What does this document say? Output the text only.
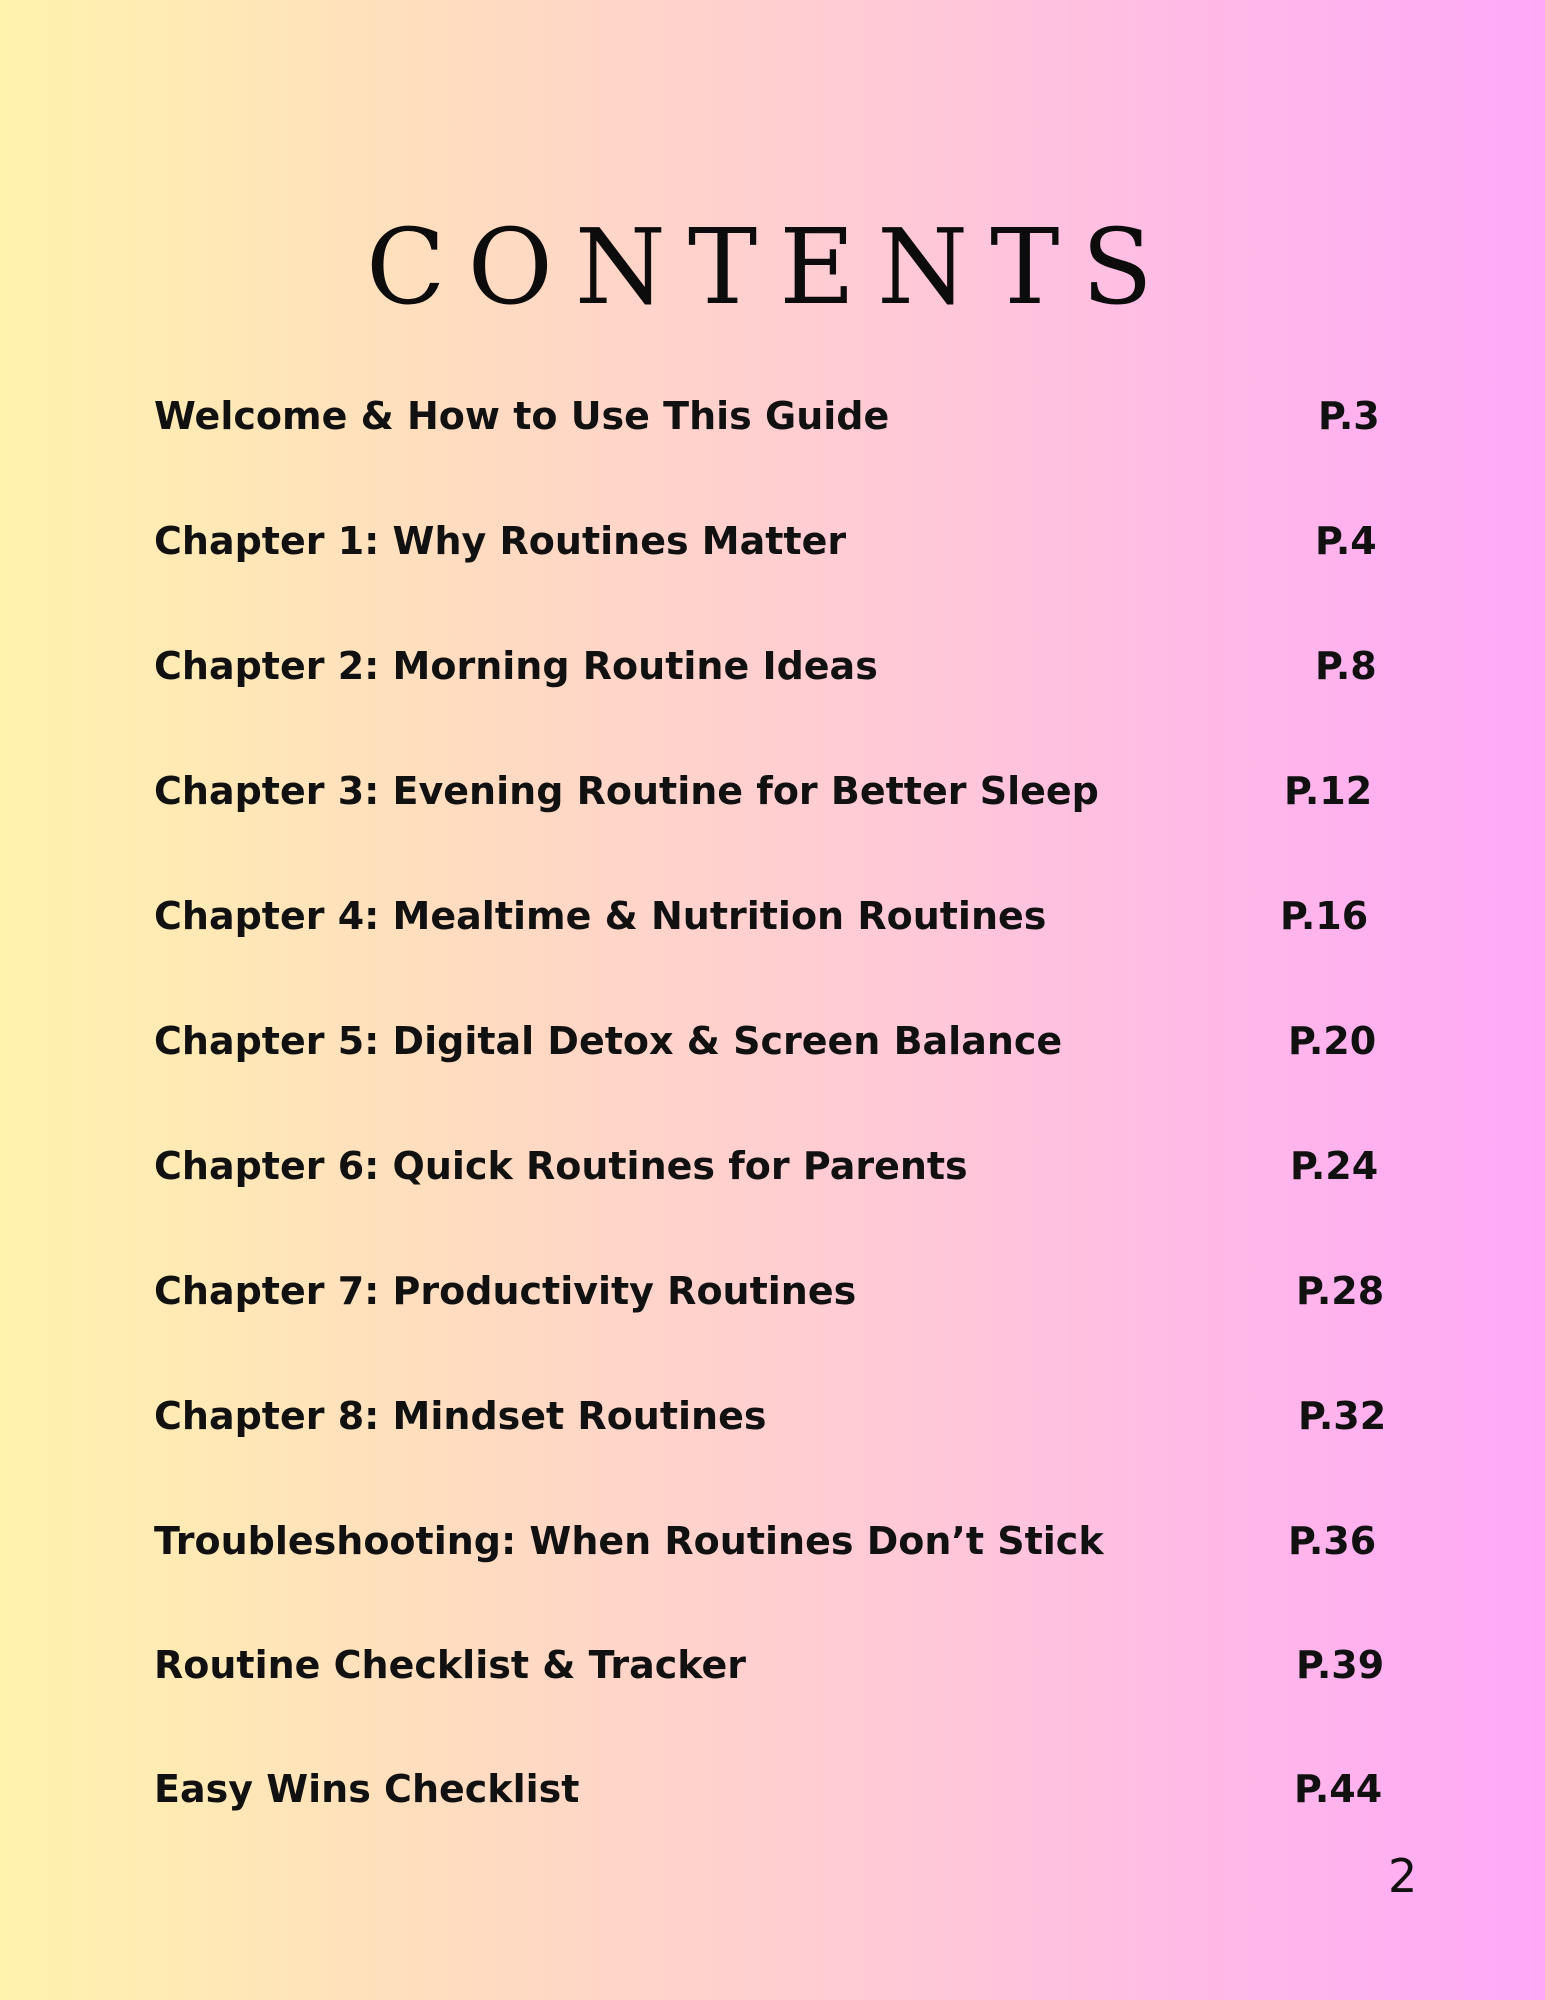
CONTENTS
Welcome & How to Use This Guide	P.3
Chapter 1: Why Routines Matter	P.4
Chapter 2: Morning Routine Ideas	P.8
Chapter 3: Evening Routine for Better Sleep	P.12
Chapter 4: Mealtime & Nutrition Routines	P.16
Chapter 5: Digital Detox & Screen Balance	P.20
Chapter 6: Quick Routines for Parents	P.24
Chapter 7: Productivity Routines	P.28
Chapter 8: Mindset Routines	P.32
Troubleshooting: When Routines Don’t Stick	P.36
Routine Checklist & Tracker	P.39
Easy Wins Checklist	P.44
2
